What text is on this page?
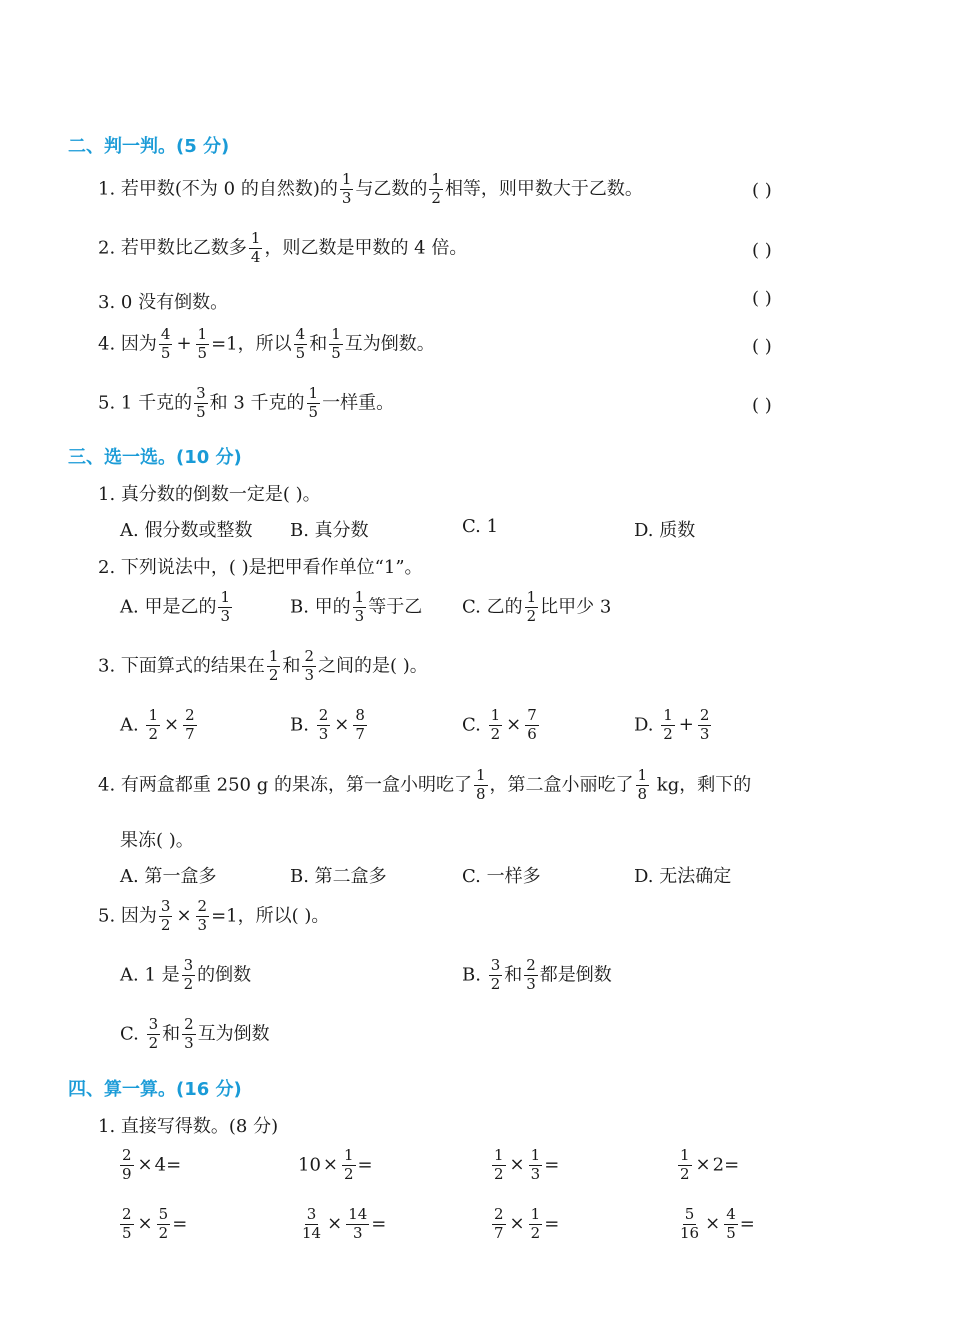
二、判一判。(5 分)
1. 若甲数(不为 0 的自然数)的 $\frac{1}{3}$ 与乙数的 $\frac{1}{2}$ 相等，则甲数大于乙数。	( )
2. 若甲数比乙数多 $\frac{1}{4}$ ，则乙数是甲数的 4 倍。	( )
3. 0 没有倒数。	( )
4. 因为 $\frac{4}{5} + \frac{1}{5} =1$，所以 $\frac{4}{5}$ 和 $\frac{1}{5}$ 互为倒数。	( )
5. 1 千克的 $\frac{3}{5}$ 和 3 千克的 $\frac{1}{5}$ 一样重。	( )
三、选一选。(10 分)
1. 真分数的倒数一定是( )。
A. 假分数或整数 B. 真分数	C. 1	D. 质数
2. 下列说法中，( )是把甲看作单位“1”。
A. 甲是乙的 $\frac{1}{3}$	B. 甲的 $\frac{1}{3}$ 等于乙 C. 乙的 $\frac{1}{2}$ 比甲少 3
3. 下面算式的结果在 $\frac{1}{2}$ 和 $\frac{2}{3}$ 之间的是( )。
A. $\frac{1}{2} \times \frac{2}{7}$	B. $\frac{2}{3} \times \frac{8}{7}$	C. $\frac{1}{2} \times \frac{7}{6}$	D. $\frac{1}{2} + \frac{2}{3}$
4. 有两盒都重 250 g 的果冻，第一盒小明吃了 $\frac{1}{8}$ ，第二盒小丽吃了 $\frac{1}{8}$ kg，剩下的
果冻( )。
A. 第一盒多	B. 第二盒多	C. 一样多	D. 无法确定
5. 因为 $\frac{3}{2} \times \frac{2}{3} =1$，所以( )。
A. 1 是 $\frac{3}{2}$ 的倒数	B. $\frac{3}{2}$ 和 $\frac{2}{3}$ 都是倒数
C. $\frac{3}{2}$ 和 $\frac{2}{3}$ 互为倒数
四、算一算。(16 分)
1. 直接写得数。(8 分)
$\frac{2}{9} \times 4=$	$10 \times \frac{1}{2}$ =	$\frac{1}{2} \times \frac{1}{3}$ =	$\frac{1}{2} \times 2=$
$\frac{2}{5} \times \frac{5}{2}$ =	$\frac{3}{14} \times \frac{14}{3}$ =	$\frac{2}{7} \times \frac{1}{2}$ =	$\frac{5}{16} \times \frac{4}{5}$ =
